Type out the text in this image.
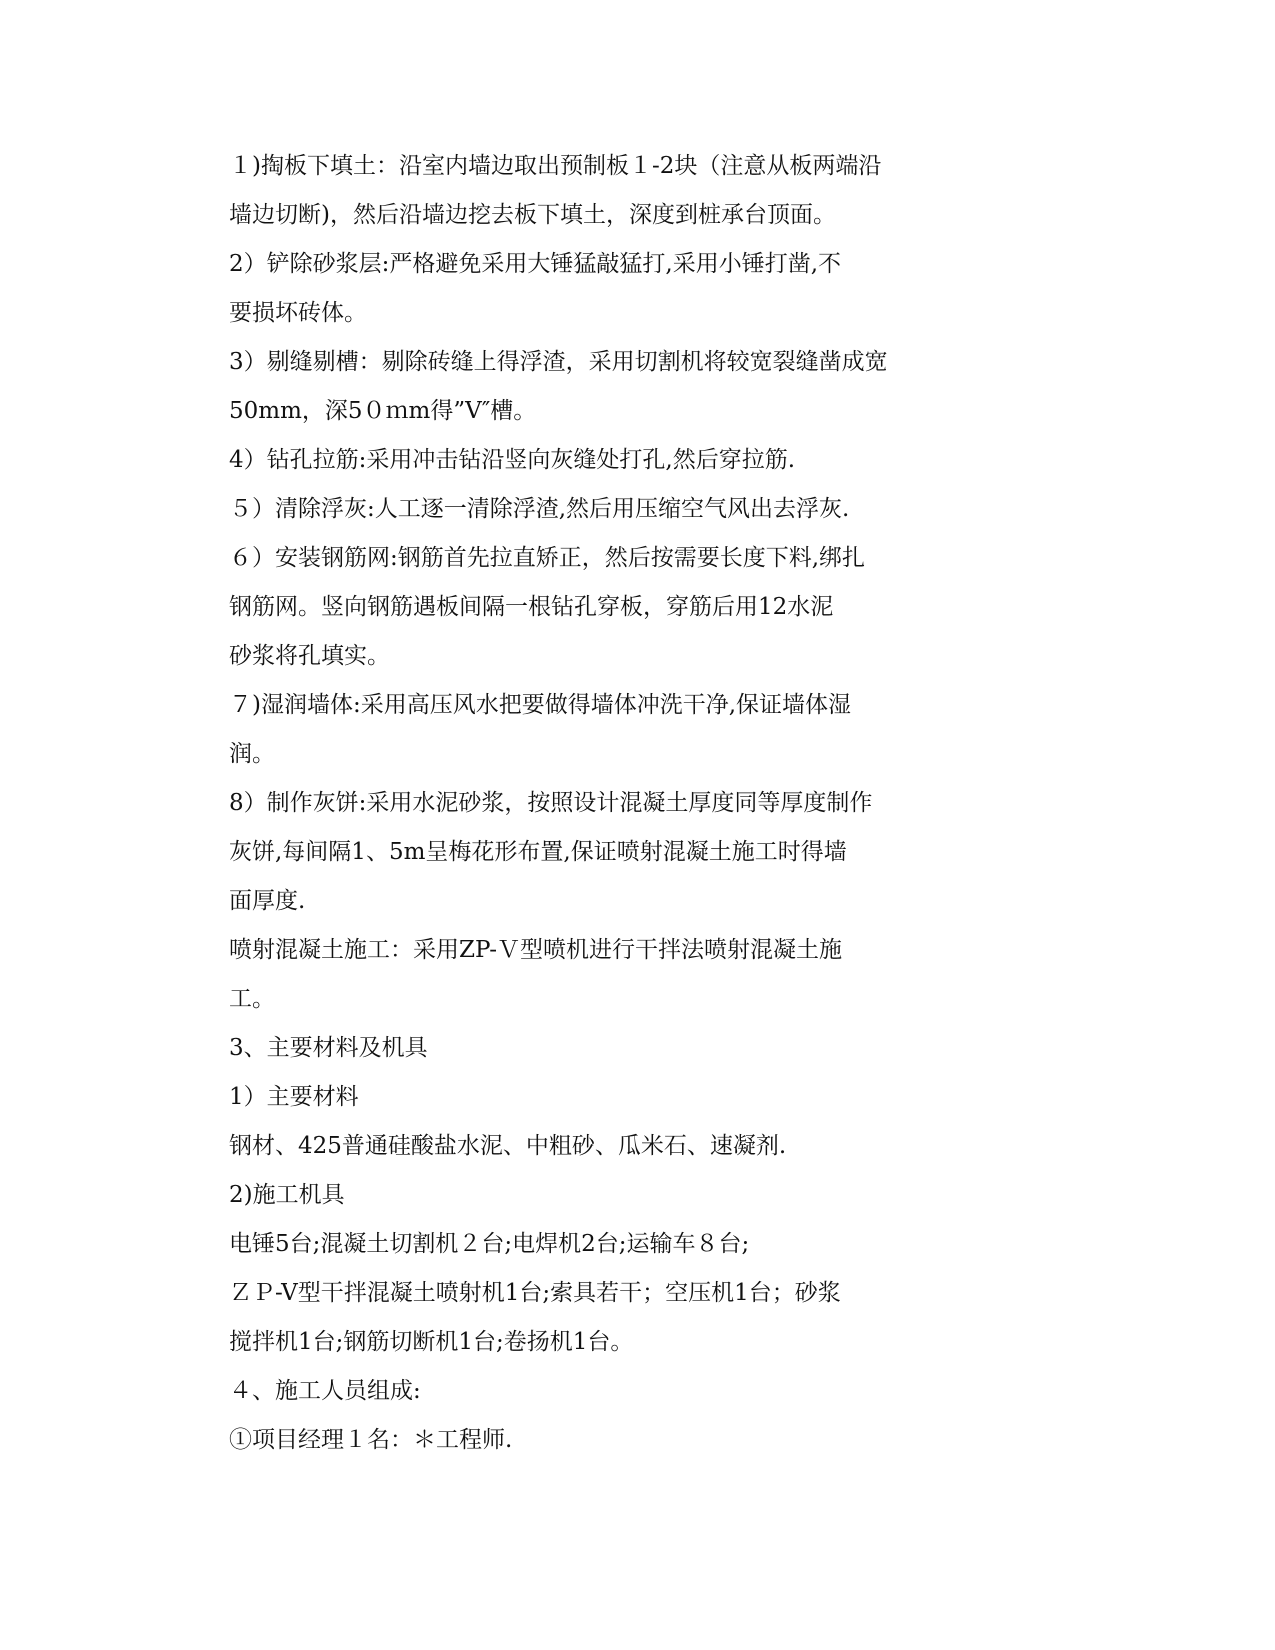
１)掏板下填土：沿室内墙边取出预制板１-2块（注意从板两端沿
墙边切断)，然后沿墙边挖去板下填土，深度到桩承台顶面。
2）铲除砂浆层:严格避免采用大锤猛敲猛打,采用小锤打凿,不
要损坏砖体。
3）剔缝剔槽：剔除砖缝上得浮渣，采用切割机将较宽裂缝凿成宽
50mm，深5０ｍm得”V″槽。
4）钻孔拉筋:采用冲击钻沿竖向灰缝处打孔,然后穿拉筋.
５）清除浮灰:人工逐一清除浮渣,然后用压缩空气风出去浮灰.
６）安装钢筋网:钢筋首先拉直矫正，然后按需要长度下料,绑扎
钢筋网。竖向钢筋遇板间隔一根钻孔穿板，穿筋后用12水泥
砂浆将孔填实。
７)湿润墙体:采用高压风水把要做得墙体冲洗干净,保证墙体湿
润。
8）制作灰饼:采用水泥砂浆，按照设计混凝土厚度同等厚度制作
灰饼,每间隔1、5m呈梅花形布置,保证喷射混凝土施工时得墙
面厚度.
喷射混凝土施工：采用ZP-Ｖ型喷机进行干拌法喷射混凝土施
工。
3、主要材料及机具
1）主要材料
钢材、425普通硅酸盐水泥、中粗砂、瓜米石、速凝剂.
2)施工机具
电锤5台;混凝土切割机２台;电焊机2台;运输车８台;
ＺＰ-V型干拌混凝土喷射机1台;索具若干；空压机1台；砂浆
搅拌机1台;钢筋切断机1台;卷扬机1台。
４、施工人员组成:
①项目经理１名：＊工程师.
